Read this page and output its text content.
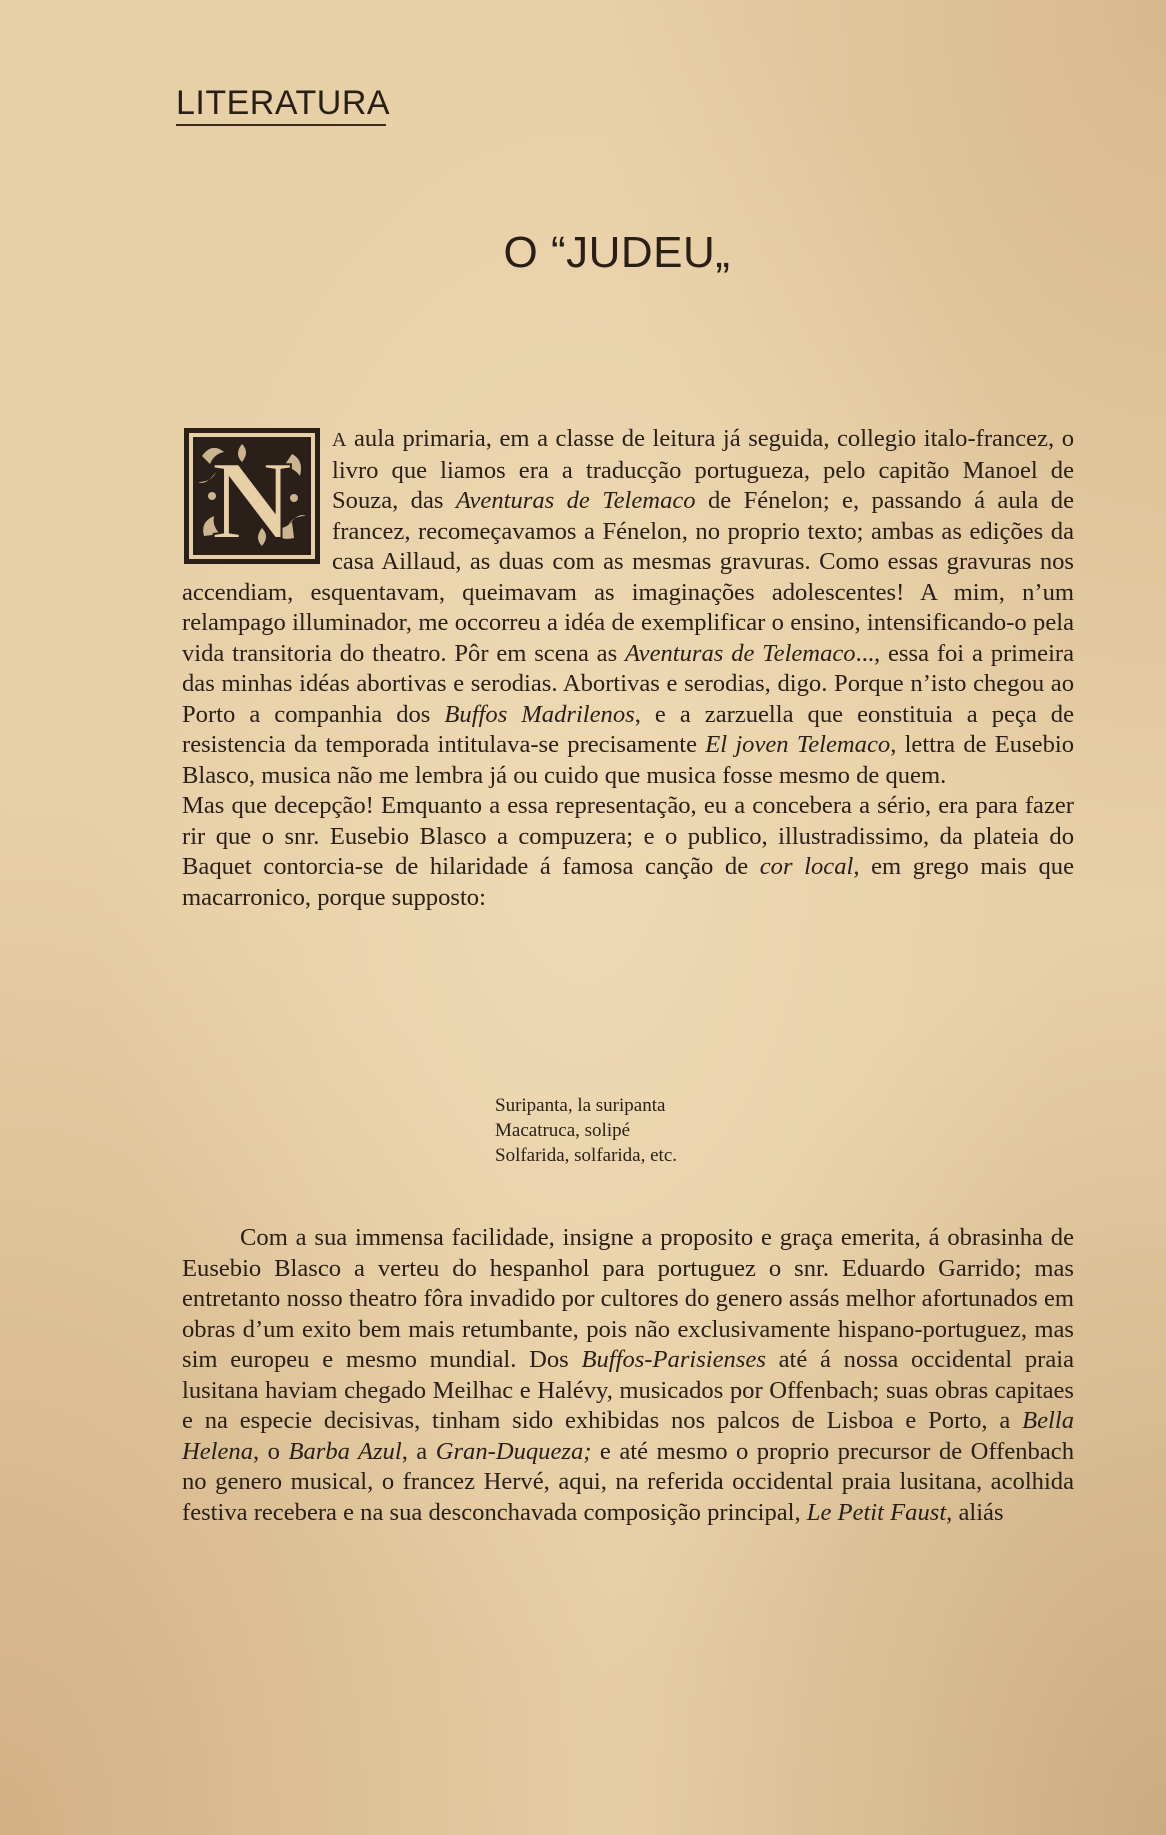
LITERATURA
O “JUDEU„
N	A aula primaria, em a classe de leitura já seguida, collegio italo-francez, o livro que liamos era a traducção portugueza, pelo capitão Manoel de Souza, das Aventuras de Telemaco de Fénelon; e, passando á aula de francez, recomeçavamos a Fénelon, no proprio texto; ambas as edições da casa Aillaud, as duas com as mesmas gravuras. Como essas gravuras nos accendiam, esquentavam, queimavam as imaginações adolescentes! A mim, n’um relampago illuminador, me occorreu a idéa de exemplificar o ensino, intensificando-o pela vida transitoria do theatro. Pôr em scena as Aventuras de Telemaco..., essa foi a primeira das minhas idéas abortivas e serodias. Abortivas e serodias, digo. Porque n’isto chegou ao Porto a companhia dos Buffos Madrilenos, e a zarzuella que eonstituia a peça de resistencia da temporada intitulava-se precisamente El joven Telemaco, lettra de Eusebio Blasco, musica não me lembra já ou cuido que musica fosse mesmo de quem.

Mas que decepção! Emquanto a essa representação, eu a concebera a sério, era para fazer rir que o snr. Eusebio Blasco a compuzera; e o publico, illustradissimo, da plateia do Baquet contorcia-se de hilaridade á famosa canção de cor local, em grego mais que macarronico, porque supposto:

Suripanta, la suripanta
Macatruca, solipé
Solfarida, solfarida, etc.

Com a sua immensa facilidade, insigne a proposito e graça emerita, á obrasinha de Eusebio Blasco a verteu do hespanhol para portuguez o snr. Eduardo Garrido; mas entretanto nosso theatro fôra invadido por cultores do genero assás melhor afortunados em obras d’um exito bem mais retumbante, pois não exclusivamente hispano-portuguez, mas sim europeu e mesmo mundial. Dos Buffos-Parisienses até á nossa occidental praia lusitana haviam chegado Meilhac e Halévy, musicados por Offenbach; suas obras capitaes e na especie decisivas, tinham sido exhibidas nos palcos de Lisboa e Porto, a Bella Helena, o Barba Azul, a Gran-Duqueza; e até mesmo o proprio precursor de Offenbach no genero musical, o francez Hervé, aqui, na referida occidental praia lusitana, acolhida festiva recebera e na sua desconchavada composição principal, Le Petit Faust, aliás
